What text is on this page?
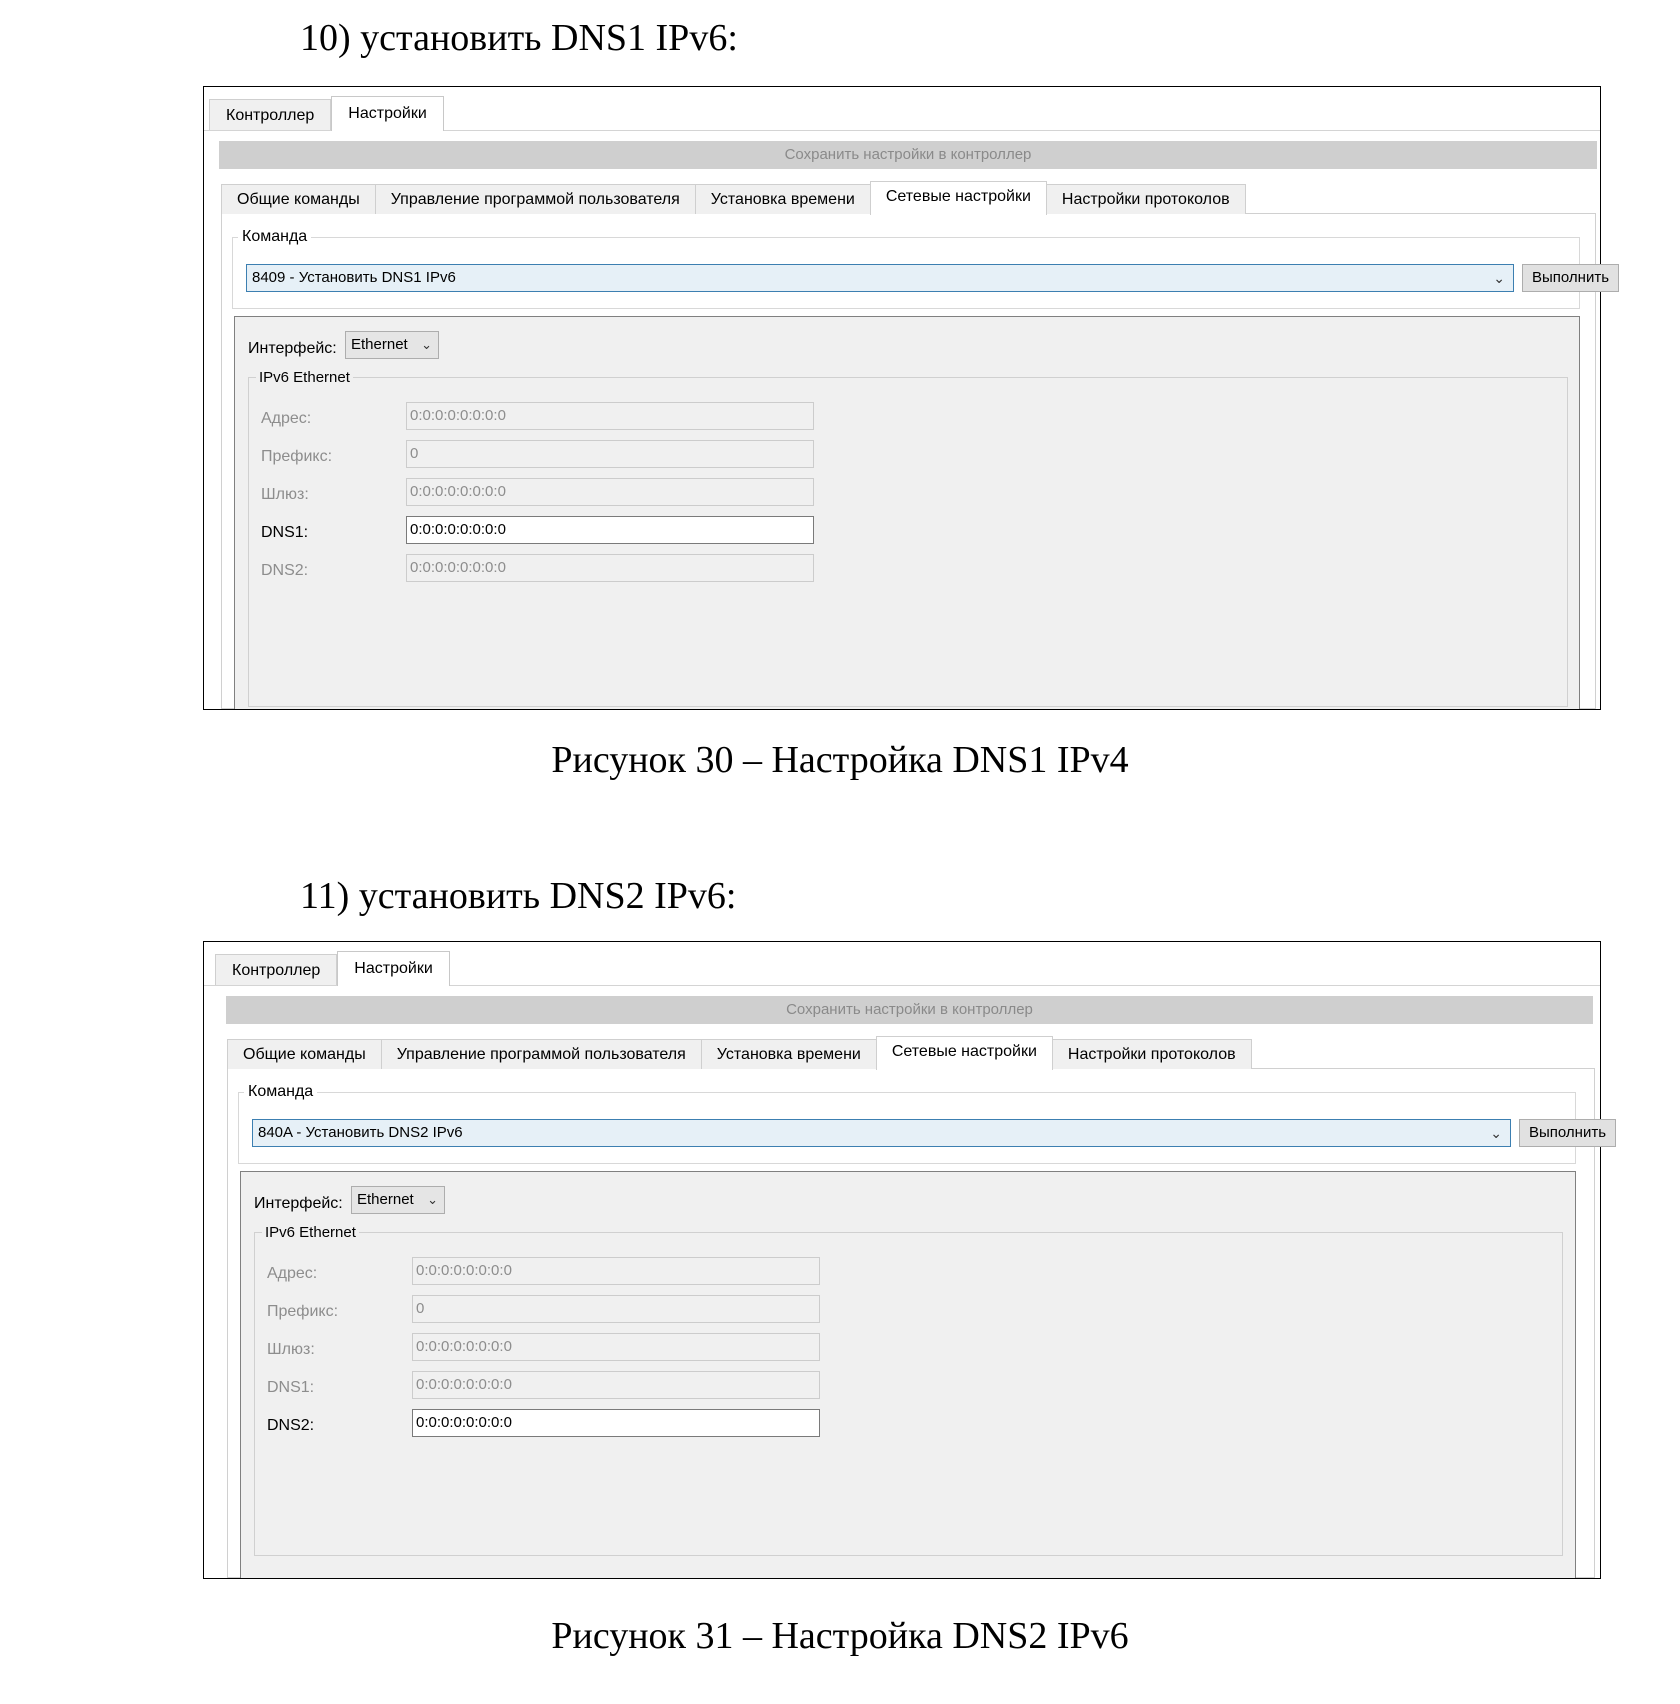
10) установить DNS1 IPv6:
Контроллер	Настройки
Сохранить настройки в контроллер
Общие команды	Управление программой пользователя	Установка времени	Сетевые настройки	Настройки протоколов
Команда
8409 - Установить DNS1 IPv6	⌄	Выполнить
Интерфейс: Ethernet ⌄
IPv6 Ethernet
Адрес:	0:0:0:0:0:0:0:0
Префикс:	0
Шлюз:	0:0:0:0:0:0:0:0
DNS1:	0:0:0:0:0:0:0:0
DNS2:	0:0:0:0:0:0:0:0
Рисунок 30 – Настройка DNS1 IPv4
11) установить DNS2 IPv6:
Контроллер	Настройки
Сохранить настройки в контроллер
Общие команды	Управление программой пользователя	Установка времени	Сетевые настройки	Настройки протоколов
Команда
840A - Установить DNS2 IPv6	⌄	Выполнить
Интерфейс: Ethernet ⌄
IPv6 Ethernet
Адрес:	0:0:0:0:0:0:0:0
Префикс:	0
Шлюз:	0:0:0:0:0:0:0:0
DNS1:	0:0:0:0:0:0:0:0
DNS2:	0:0:0:0:0:0:0:0
Рисунок 31 – Настройка DNS2 IPv6
